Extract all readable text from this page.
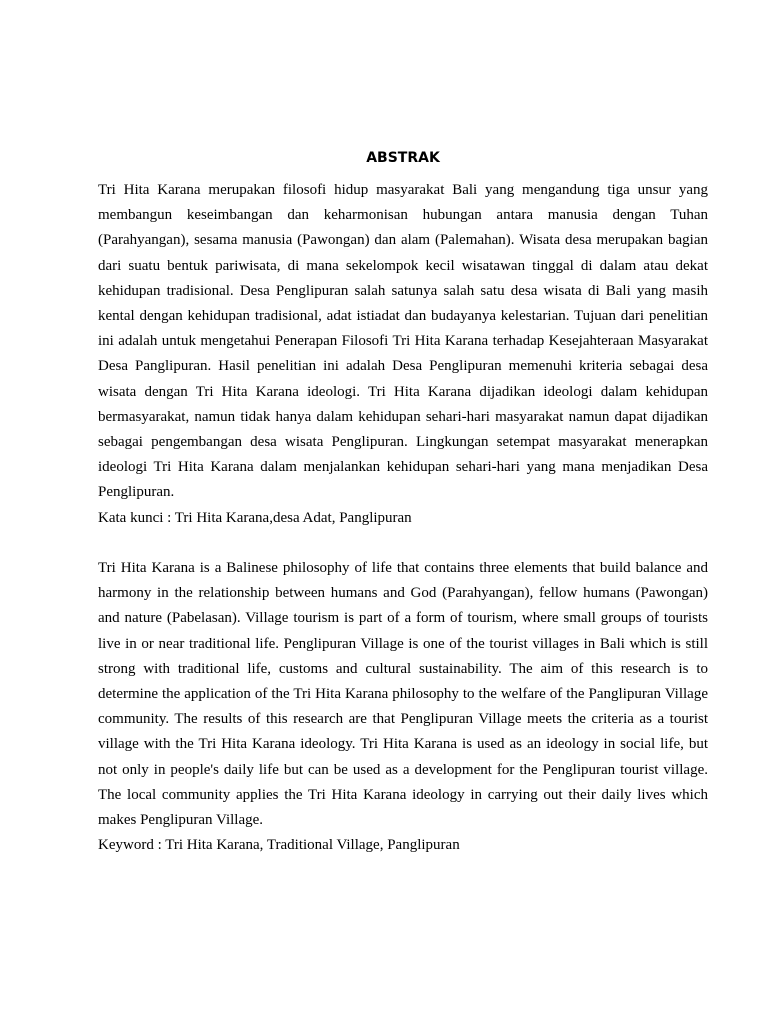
ABSTRAK

Tri Hita Karana merupakan filosofi hidup masyarakat Bali yang mengandung tiga unsur yang membangun keseimbangan dan keharmonisan hubungan antara manusia dengan Tuhan (Parahyangan), sesama manusia (Pawongan) dan alam (Palemahan). Wisata desa merupakan bagian dari suatu bentuk pariwisata, di mana sekelompok kecil wisatawan tinggal di dalam atau dekat kehidupan tradisional. Desa Penglipuran salah satunya salah satu desa wisata di Bali yang masih kental dengan kehidupan tradisional, adat istiadat dan budayanya kelestarian. Tujuan dari penelitian ini adalah untuk mengetahui Penerapan Filosofi Tri Hita Karana terhadap Kesejahteraan Masyarakat Desa Panglipuran. Hasil penelitian ini adalah Desa Penglipuran memenuhi kriteria sebagai desa wisata dengan Tri Hita Karana ideologi. Tri Hita Karana dijadikan ideologi dalam kehidupan bermasyarakat, namun tidak hanya dalam kehidupan sehari-hari masyarakat namun dapat dijadikan sebagai pengembangan desa wisata Penglipuran. Lingkungan setempat masyarakat menerapkan ideologi Tri Hita Karana dalam menjalankan kehidupan sehari-hari yang mana menjadikan Desa Penglipuran.

Kata kunci : Tri Hita Karana,desa Adat, Panglipuran

Tri Hita Karana is a Balinese philosophy of life that contains three elements that build balance and harmony in the relationship between humans and God (Parahyangan), fellow humans (Pawongan) and nature (Pabelasan). Village tourism is part of a form of tourism, where small groups of tourists live in or near traditional life. Penglipuran Village is one of the tourist villages in Bali which is still strong with traditional life, customs and cultural sustainability. The aim of this research is to determine the application of the Tri Hita Karana philosophy to the welfare of the Panglipuran Village community. The results of this research are that Penglipuran Village meets the criteria as a tourist village with the Tri Hita Karana ideology. Tri Hita Karana is used as an ideology in social life, but not only in people's daily life but can be used as a development for the Penglipuran tourist village. The local community applies the Tri Hita Karana ideology in carrying out their daily lives which makes Penglipuran Village.

Keyword : Tri Hita Karana, Traditional Village, Panglipuran
